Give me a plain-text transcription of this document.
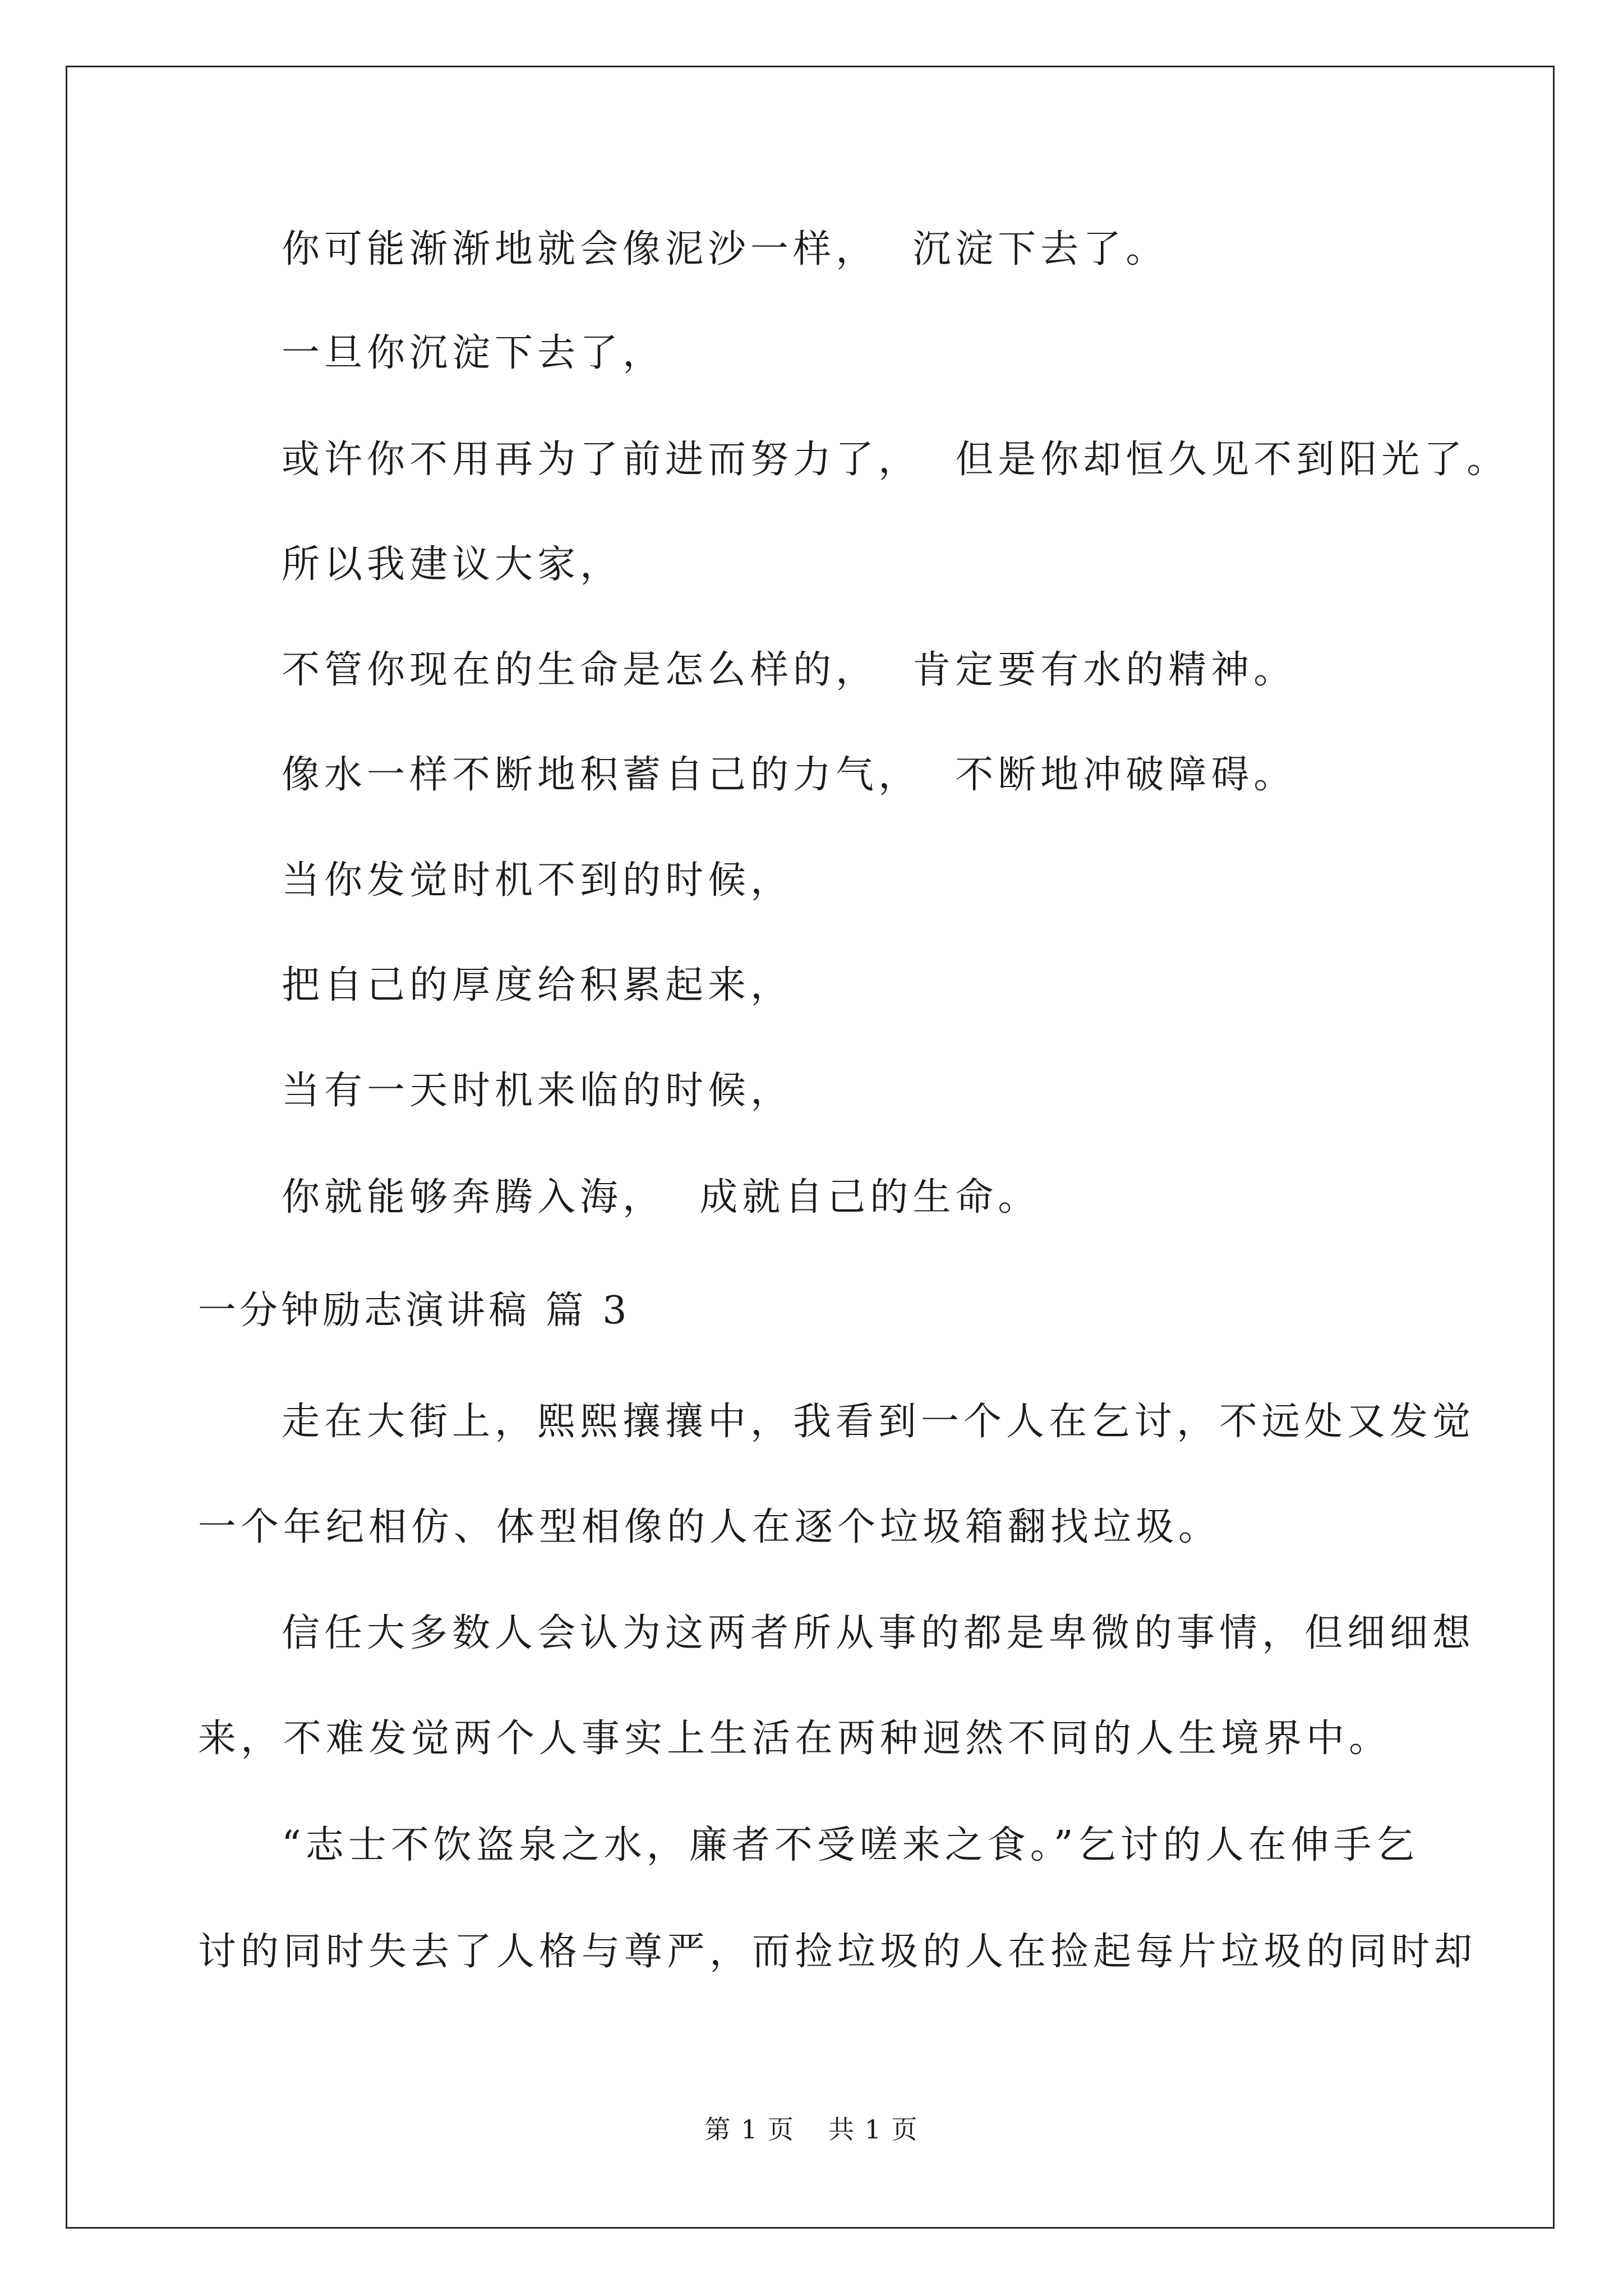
你可能渐渐地就会像泥沙一样， 沉淀下去了。
一旦你沉淀下去了，
或许你不用再为了前进而努力了， 但是你却恒久见不到阳光了。
所以我建议大家，
不管你现在的生命是怎么样的， 肯定要有水的精神。
像水一样不断地积蓄自己的力气， 不断地冲破障碍。
当你发觉时机不到的时候，
把自己的厚度给积累起来，
当有一天时机来临的时候，
你就能够奔腾入海， 成就自己的生命。
一分钟励志演讲稿 篇 3
走在大街上，熙熙攘攘中，我看到一个人在乞讨，不远处又发觉
一个年纪相仿、体型相像的人在逐个垃圾箱翻找垃圾。
信任大多数人会认为这两者所从事的都是卑微的事情，但细细想
来，不难发觉两个人事实上生活在两种迥然不同的人生境界中。
“志士不饮盗泉之水，廉者不受嗟来之食。”乞讨的人在伸手乞
讨的同时失去了人格与尊严，而捡垃圾的人在捡起每片垃圾的同时却
第 1 页 共 1 页
